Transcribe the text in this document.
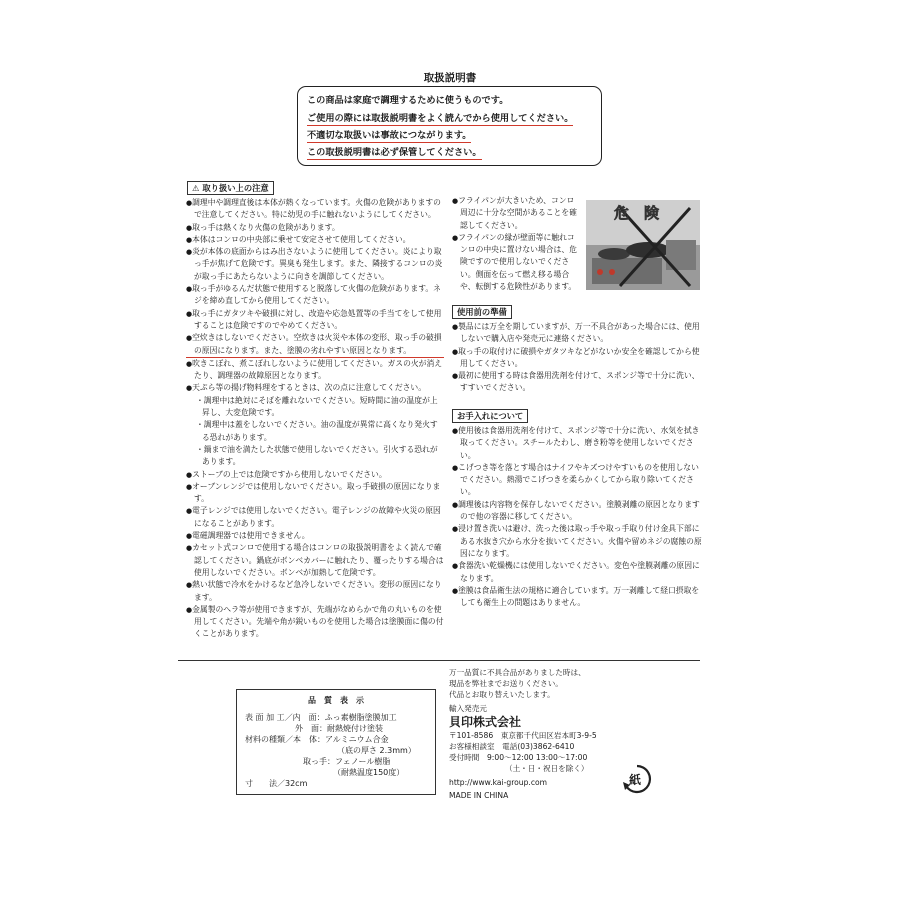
取扱説明書
この商品は家庭で調理するために使うものです。
ご使用の際には取扱説明書をよく読んでから使用してください。
不適切な取扱いは事故につながります。
この取扱説明書は必ず保管してください。
⚠ 取り扱い上の注意

● 調理中や調理直後は本体が熱くなっています。火傷の危険がありますので注意してください。特に幼児の手に触れないようにしてください。

● 取っ手は熱くなり火傷の危険があります。

● 本体はコンロの中央部に乗せて安定させて使用してください。

● 炎が本体の底面からはみ出さないように使用してください。炎により取っ手が焦げて危険です。異臭も発生します。また、隣接するコンロの炎が取っ手にあたらないように向きを調節してください。

● 取っ手がゆるんだ状態で使用すると脱落して火傷の危険があります。ネジを締め直してから使用してください。

● 取っ手にガタツキや破損に対し、改造や応急処置等の手当てをして使用することは危険ですのでやめてください。

● 空炊きはしないでください。空炊きは火災や本体の変形、取っ手の破損の原因になります。また、塗膜の劣れやすい原因となります。

● 吹きこぼれ、煮こぼれしないように使用してください。ガスの火が消えたり、調理器の故障原因となります。

● 天ぷら等の揚げ物料理をするときは、次の点に注意してください。

・ 調理中は絶対にそばを離れないでください。短時間に油の温度が上昇し、大変危険です。

・ 調理中は蓋をしないでください。油の温度が異常に高くなり発火する恐れがあります。

・ 鍋まで油を満たした状態で使用しないでください。引火する恐れがあります。

● ストーブの上では危険ですから使用しないでください。

● オーブンレンジでは使用しないでください。取っ手破損の原因になります。

● 電子レンジでは使用しないでください。電子レンジの故障や火災の原因になることがあります。

● 電磁調理器では使用できません。

● カセット式コンロで使用する場合はコンロの取扱説明書をよく読んで確認してください。鍋底がボンベカバーに触れたり、覆ったりする場合は使用しないでください。ボンベが加熱して危険です。

● 熱い状態で冷水をかけるなど急冷しないでください。変形の原因になります。

● 金属製のヘラ等が使用できますが、先端がなめらかで角の丸いものを使用してください。先端や角が鋭いものを使用した場合は塗膜面に傷の付くことがあります。

● フライパンが大きいため、コンロ周辺に十分な空間があることを確認してください。

● フライパンの縁が壁面等に触れコンロの中央に置けない場合は、危険ですので使用しないでください。側面を伝って燃え移る場合や、転倒する危険性があります。

危　険
使用前の準備

● 製品には万全を期していますが、万一不具合があった場合には、使用しないで購入店や発売元に連絡ください。

● 取っ手の取付けに破損やガタツキなどがないか安全を確認してから使用してください。

● 最初に使用する時は食器用洗剤を付けて、スポンジ等で十分に洗い、すすいでください。

お手入れについて

● 使用後は食器用洗剤を付けて、スポンジ等で十分に洗い、水気を拭き取ってください。スチールたわし、磨き粉等を使用しないでください。

● こげつき等を落とす場合はナイフやキズつけやすいものを使用しないでください。熱湯でこげつきを柔らかくしてから取り除いてください。

● 調理後は内容物を保存しないでください。塗膜剥離の原因となりますので他の容器に移してください。

● 浸け置き洗いは避け、洗った後は取っ手や取っ手取り付け金具下部にある水抜き穴から水分を抜いてください。火傷や留めネジの腐蝕の原因になります。

● 食器洗い乾燥機には使用しないでください。変色や塗膜剥離の原因になります。

● 塗膜は食品衛生法の規格に適合しています。万一剥離して経口摂取をしても衛生上の問題はありません。

品　質　表　示
表 面 加 工／内　面：ふっ素樹脂塗膜加工
外　面：耐熱焼付け塗装
材料の種類／本　体：アルミニウム合金
（底の厚さ 2.3mm）
取っ手：フェノール樹脂
（耐熱温度150度）
寸　　法／32cm
万一品質に不具合品がありました時は、
現品を弊社までお送りください。
代品とお取り替えいたします。
輸入発売元
貝印株式会社
〒101-8586　東京都千代田区岩本町3-9-5
お客様相談室　電話(03)3862-6410
受付時間　9:00～12:00 13:00～17:00
（土・日・祝日を除く）
http://www.kai-group.com
MADE IN CHINA
紙
